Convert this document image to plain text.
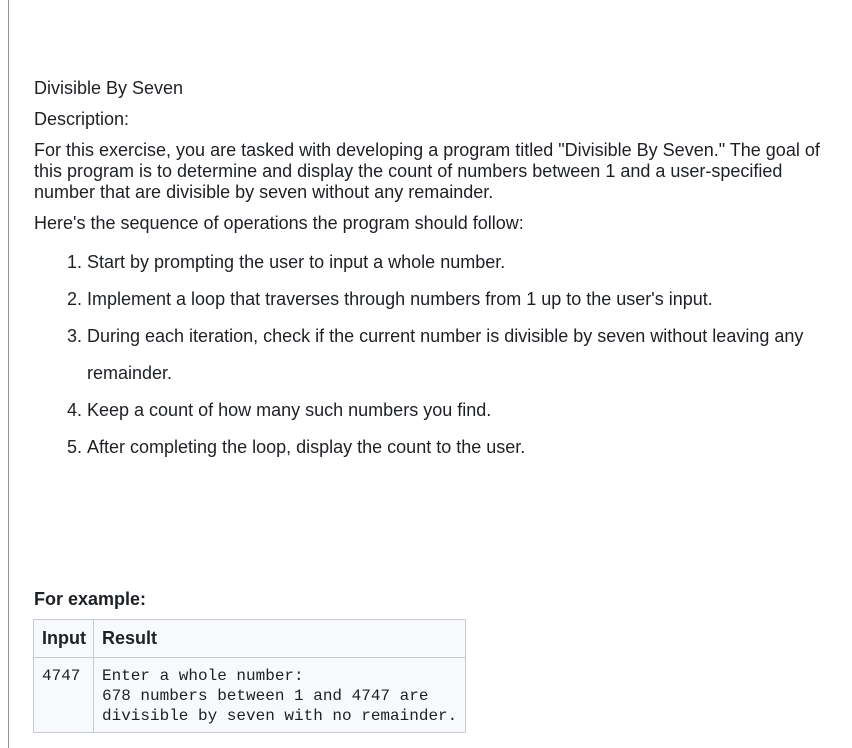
Divisible By Seven

Description:

For this exercise, you are tasked with developing a program titled "Divisible By Seven." The goal of this program is to determine and display the count of numbers between 1 and a user-specified number that are divisible by seven without any remainder.

Here's the sequence of operations the program should follow:

1. Start by prompting the user to input a whole number.
2. Implement a loop that traverses through numbers from 1 up to the user's input.
3. During each iteration, check if the current number is divisible by seven without leaving any remainder.
4. Keep a count of how many such numbers you find.
5. After completing the loop, display the count to the user.

For example:

Input	Result
4747	Enter a whole number:
678 numbers between 1 and 4747 are
divisible by seven with no remainder.
